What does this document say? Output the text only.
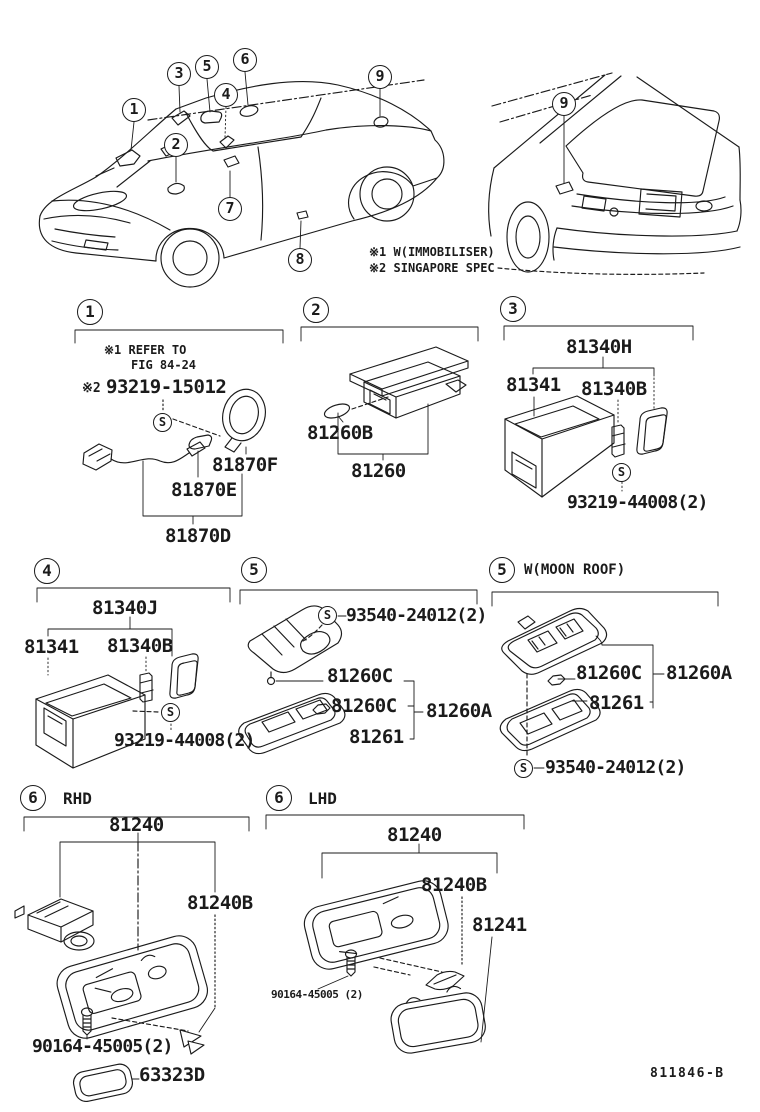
1
2
3
4
5	6
7
8
9
9
※1 W(IMMOBILISER)
※2 SINGAPORE SPEC
1
※1 REFER TO
FIG 84-24
※2 93219-15012
S
81870F
81870E
81870D
2
81260B
81260
3
81340H
81341 81340B
S
93219-44008(2)
4
81340J
81341 81340B
S
93219-44008(2)
5
S 93540-24012(2)
81260C
81260C 81260A
81261
5	W(MOON ROOF)
81260C 81260A
81261
S 93540-24012(2)
6	RHD
81240
81240B
90164-45005(2)
63323D
6	LHD
81240
81240B
81241
90164-45005 (2)
811846-B
